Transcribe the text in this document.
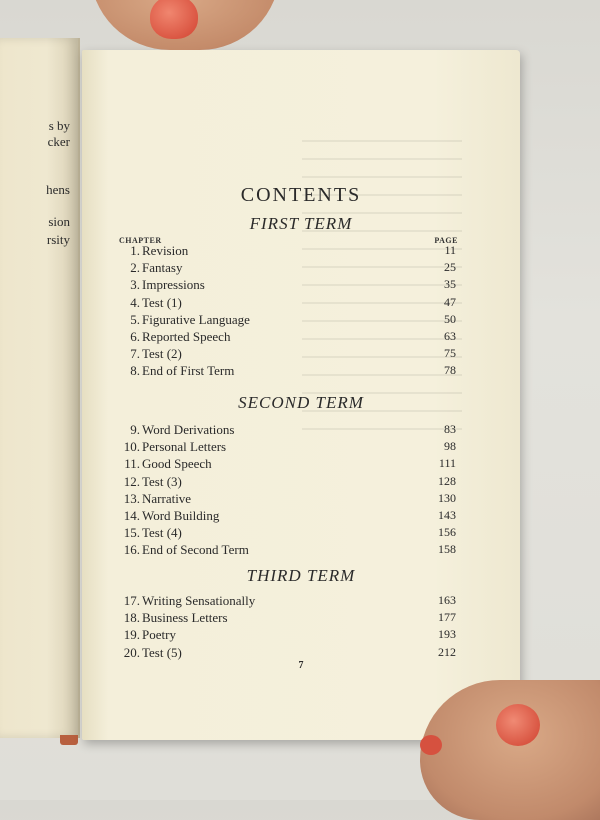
s by
cker
hens
sion
rsity
CONTENTS
FIRST TERM
CHAPTER	PAGE
1. Revision	11
2. Fantasy	25
3. Impressions	35
4. Test (1)	47
5. Figurative Language	50
6. Reported Speech	63
7. Test (2)	75
8. End of First Term	78
SECOND TERM
9. Word Derivations	83
10. Personal Letters	98
11. Good Speech	111
12. Test (3)	128
13. Narrative	130
14. Word Building	143
15. Test (4)	156
16. End of Second Term	158
THIRD TERM
17. Writing Sensationally	163
18. Business Letters	177
19. Poetry	193
20. Test (5)	212
7
